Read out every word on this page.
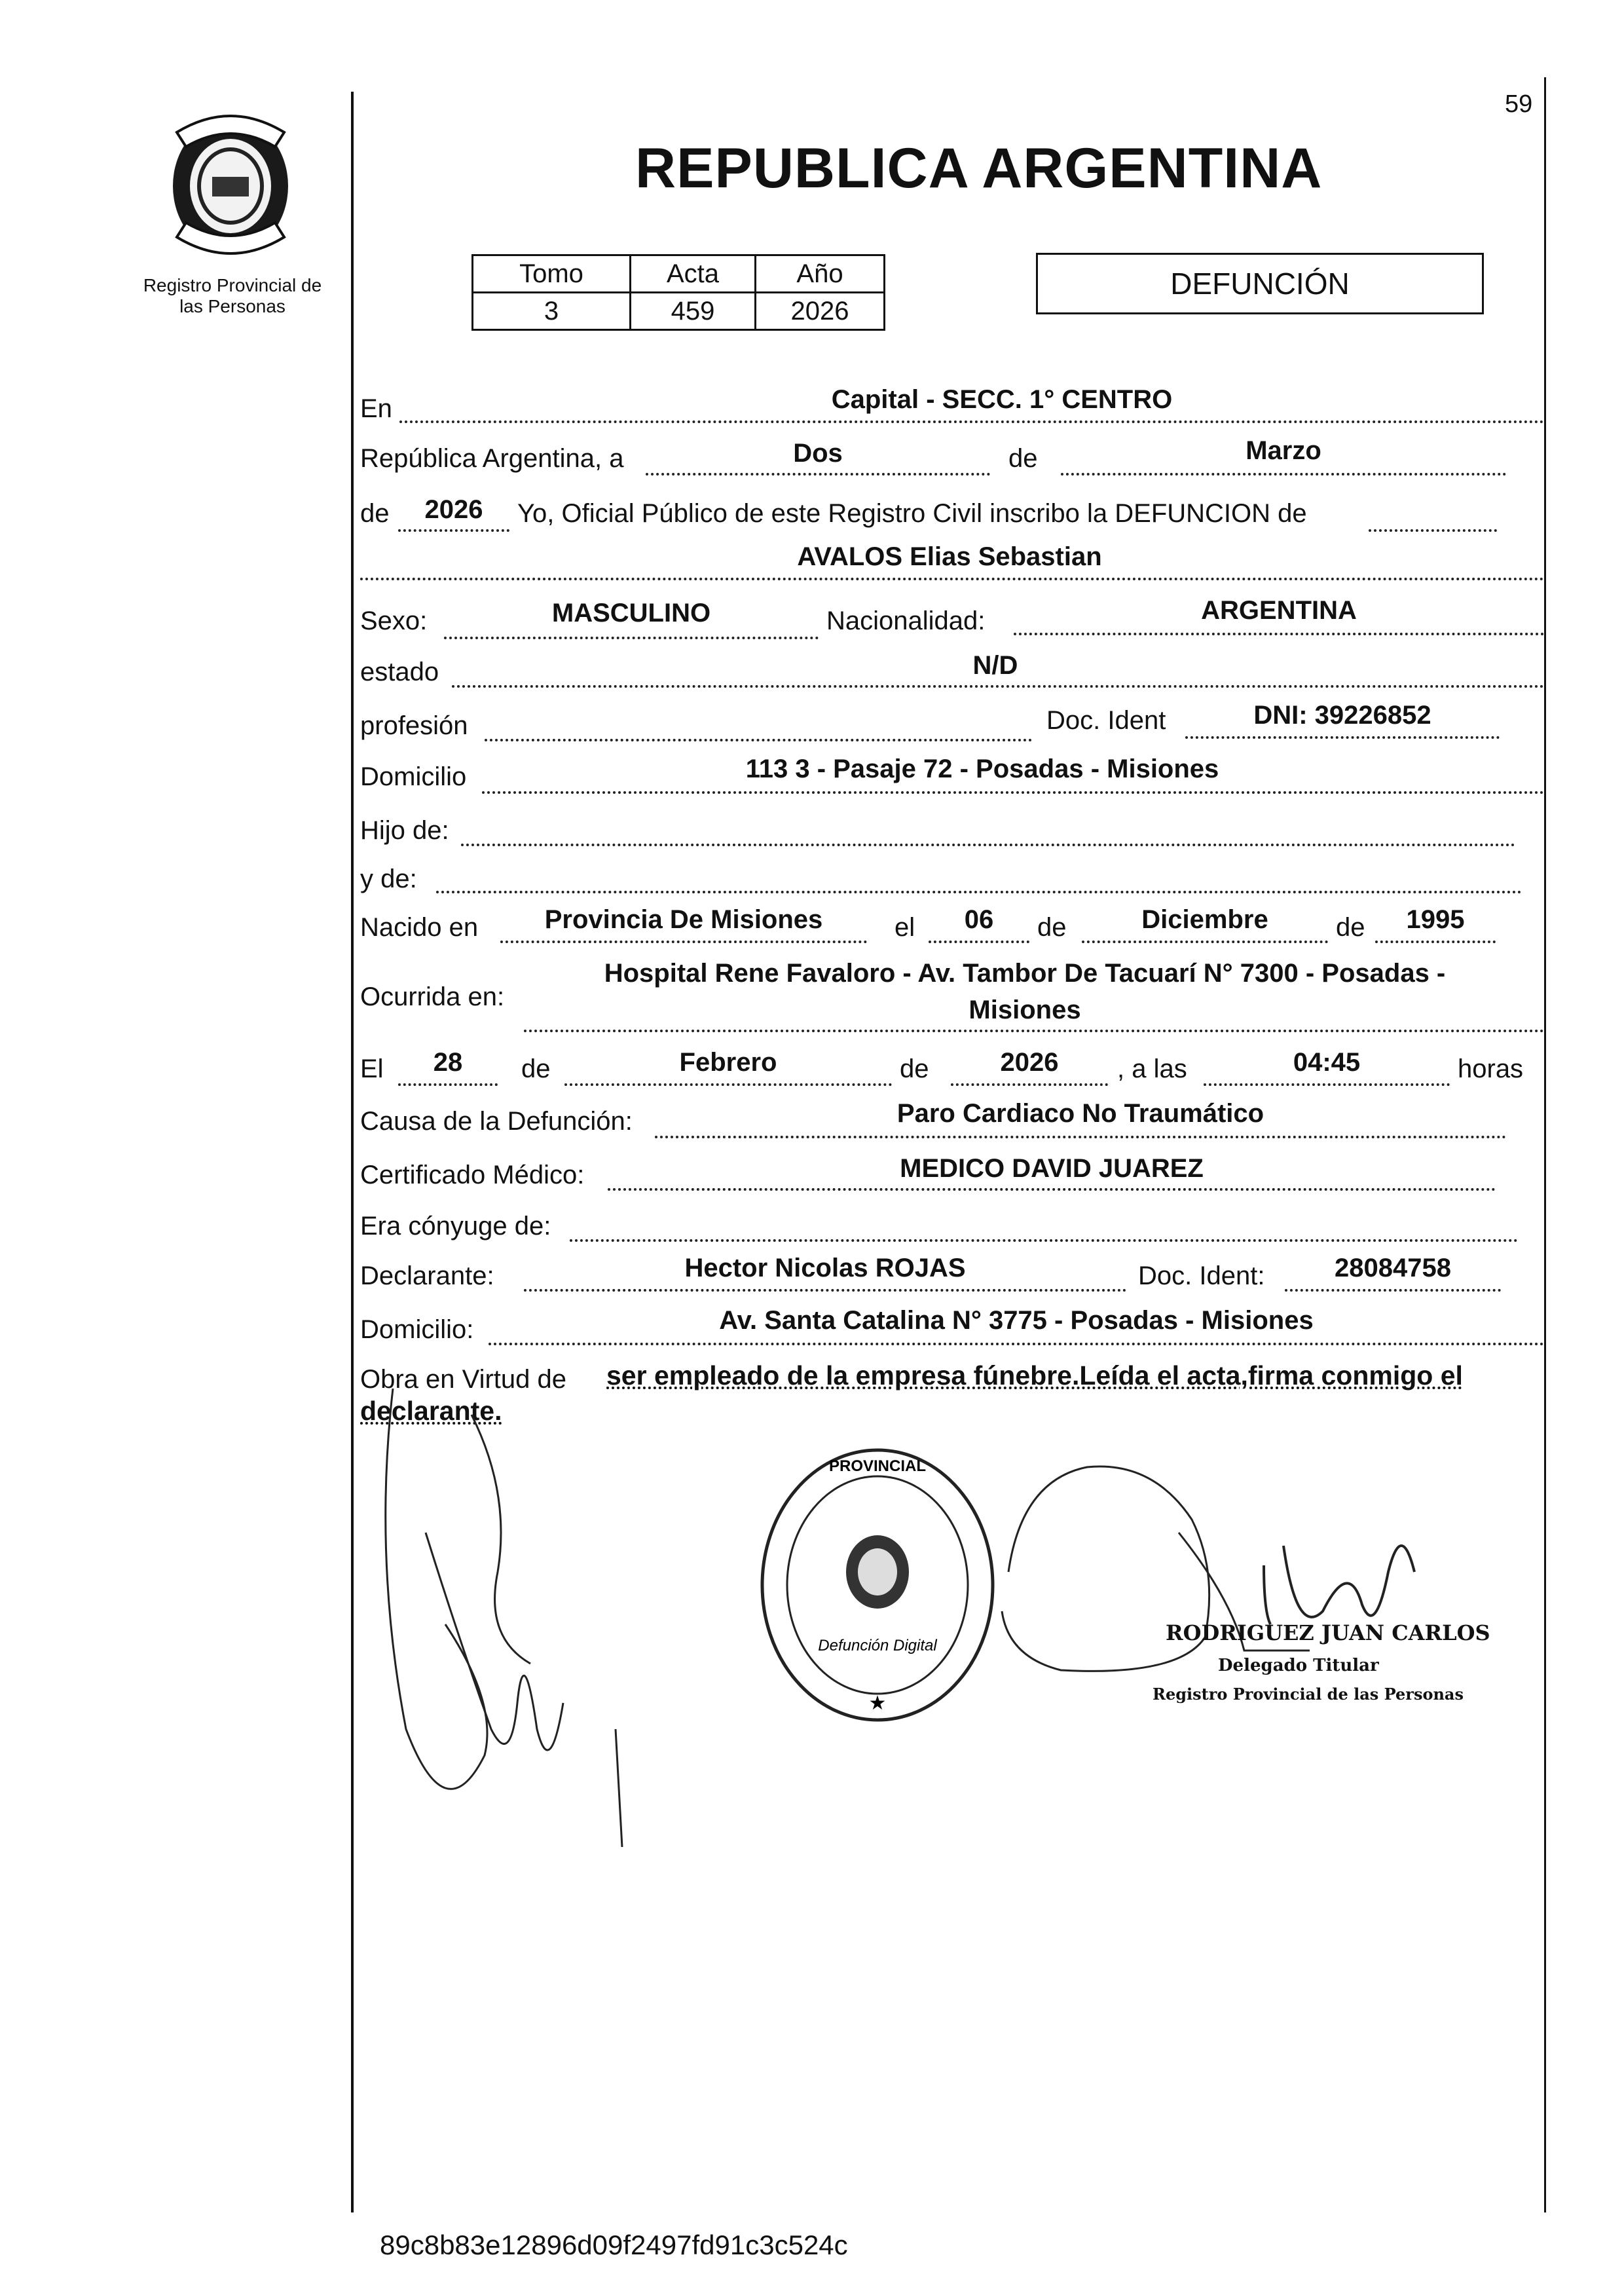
59
Registro Provincial de las Personas
REPUBLICA ARGENTINA
Tomo	Acta	Año
3	459	2026
DEFUNCIÓN
En	Capital - SECC. 1° CENTRO
República Argentina, a	Dos	de	Marzo
de	2026	Yo, Oficial Público de este Registro Civil inscribo la DEFUNCION de
AVALOS Elias Sebastian
Sexo:	MASCULINO	Nacionalidad:	ARGENTINA
estado	N/D
profesión	Doc. Ident	DNI: 39226852
Domicilio	113 3 - Pasaje 72 - Posadas - Misiones
Hijo de:
y de:
Nacido en	Provincia De Misiones	el	06	de	Diciembre	de	1995
Ocurrida en:
Hospital Rene Favaloro - Av. Tambor De Tacuarí N° 7300 - Posadas -
Misiones
El	28	de	Febrero	de	2026	, a las	04:45	horas
Causa de la Defunción:	Paro Cardiaco No Traumático
Certificado Médico:	MEDICO DAVID JUAREZ
Era cónyuge de:
Declarante:	Hector Nicolas ROJAS	Doc. Ident:	28084758
Domicilio:	Av. Santa Catalina N° 3775 - Posadas - Misiones
Obra en Virtud de ser empleado de la empresa fúnebre.Leída el acta,firma conmigo el
declarante.
PROVINCIAL
Defunción Digital
★
RODRIGUEZ JUAN CARLOS
Delegado Titular
Registro Provincial de las Personas
89c8b83e12896d09f2497fd91c3c524c
